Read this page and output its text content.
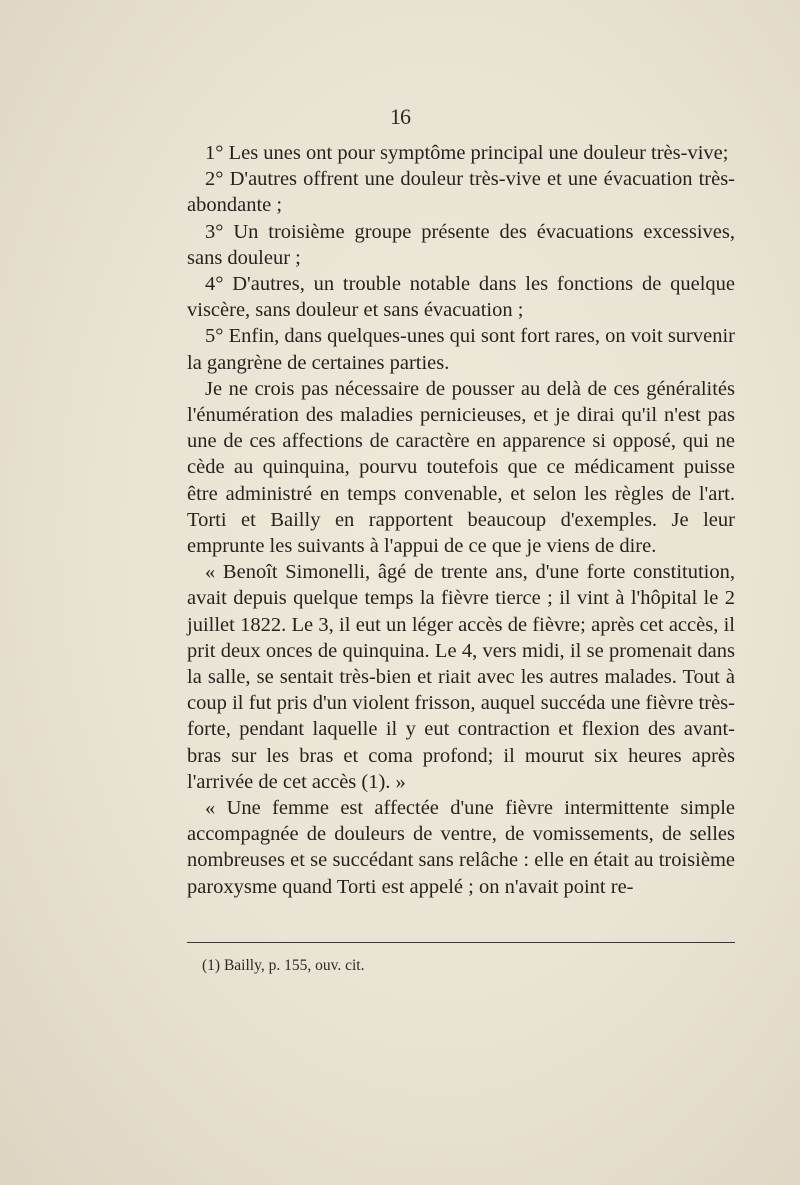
16

1° Les unes ont pour symptôme principal une douleur très-vive;

2° D'autres offrent une douleur très-vive et une évacuation très-abondante ;

3° Un troisième groupe présente des évacuations excessives, sans douleur ;

4° D'autres, un trouble notable dans les fonctions de quelque viscère, sans douleur et sans évacuation ;

5° Enfin, dans quelques-unes qui sont fort rares, on voit survenir la gangrène de certaines parties.

Je ne crois pas nécessaire de pousser au delà de ces généralités l'énumération des maladies pernicieuses, et je dirai qu'il n'est pas une de ces affections de caractère en apparence si opposé, qui ne cède au quinquina, pourvu toutefois que ce médicament puisse être administré en temps convenable, et selon les règles de l'art. Torti et Bailly en rapportent beaucoup d'exemples. Je leur emprunte les suivants à l'appui de ce que je viens de dire.

« Benoît Simonelli, âgé de trente ans, d'une forte constitution, avait depuis quelque temps la fièvre tierce ; il vint à l'hôpital le 2 juillet 1822. Le 3, il eut un léger accès de fièvre; après cet accès, il prit deux onces de quinquina. Le 4, vers midi, il se promenait dans la salle, se sentait très-bien et riait avec les autres malades. Tout à coup il fut pris d'un violent frisson, auquel succéda une fièvre très-forte, pendant laquelle il y eut contraction et flexion des avant-bras sur les bras et coma profond; il mourut six heures après l'arrivée de cet accès (1). »

« Une femme est affectée d'une fièvre intermittente simple accompagnée de douleurs de ventre, de vomissements, de selles nombreuses et se succédant sans relâche : elle en était au troisième paroxysme quand Torti est appelé ; on n'avait point re-

(1) Bailly, p. 155, ouv. cit.
